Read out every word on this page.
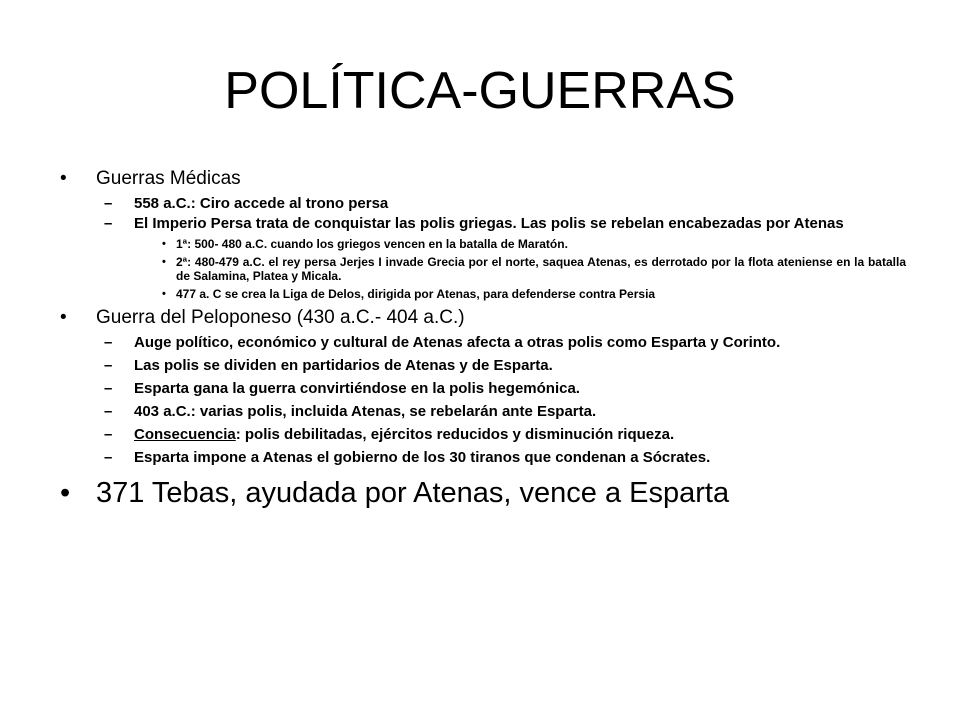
POLÍTICA-GUERRAS
• Guerras Médicas
– 558 a.C.: Ciro accede al trono persa
– El Imperio Persa trata de conquistar las polis griegas. Las polis se rebelan encabezadas por Atenas
• 1ª: 500- 480 a.C. cuando los griegos vencen en la batalla de Maratón.
• 2ª: 480-479 a.C. el rey persa Jerjes I invade Grecia por el norte, saquea Atenas, es derrotado por la flota ateniense en la batalla de Salamina, Platea y Micala.
• 477 a. C se crea la Liga de Delos, dirigida por Atenas, para defenderse contra Persia
• Guerra del Peloponeso (430 a.C.- 404 a.C.)
– Auge político, económico y cultural de Atenas afecta a otras polis como Esparta y Corinto.
– Las polis se dividen en partidarios de Atenas y de Esparta.
– Esparta gana la guerra convirtiéndose en la polis hegemónica.
– 403 a.C.: varias polis, incluida Atenas, se rebelarán ante Esparta.
– Consecuencia: polis debilitadas, ejércitos reducidos y disminución riqueza.
– Esparta impone a Atenas el gobierno de los 30 tiranos que condenan a Sócrates.
• 371 Tebas, ayudada por Atenas, vence a Esparta
